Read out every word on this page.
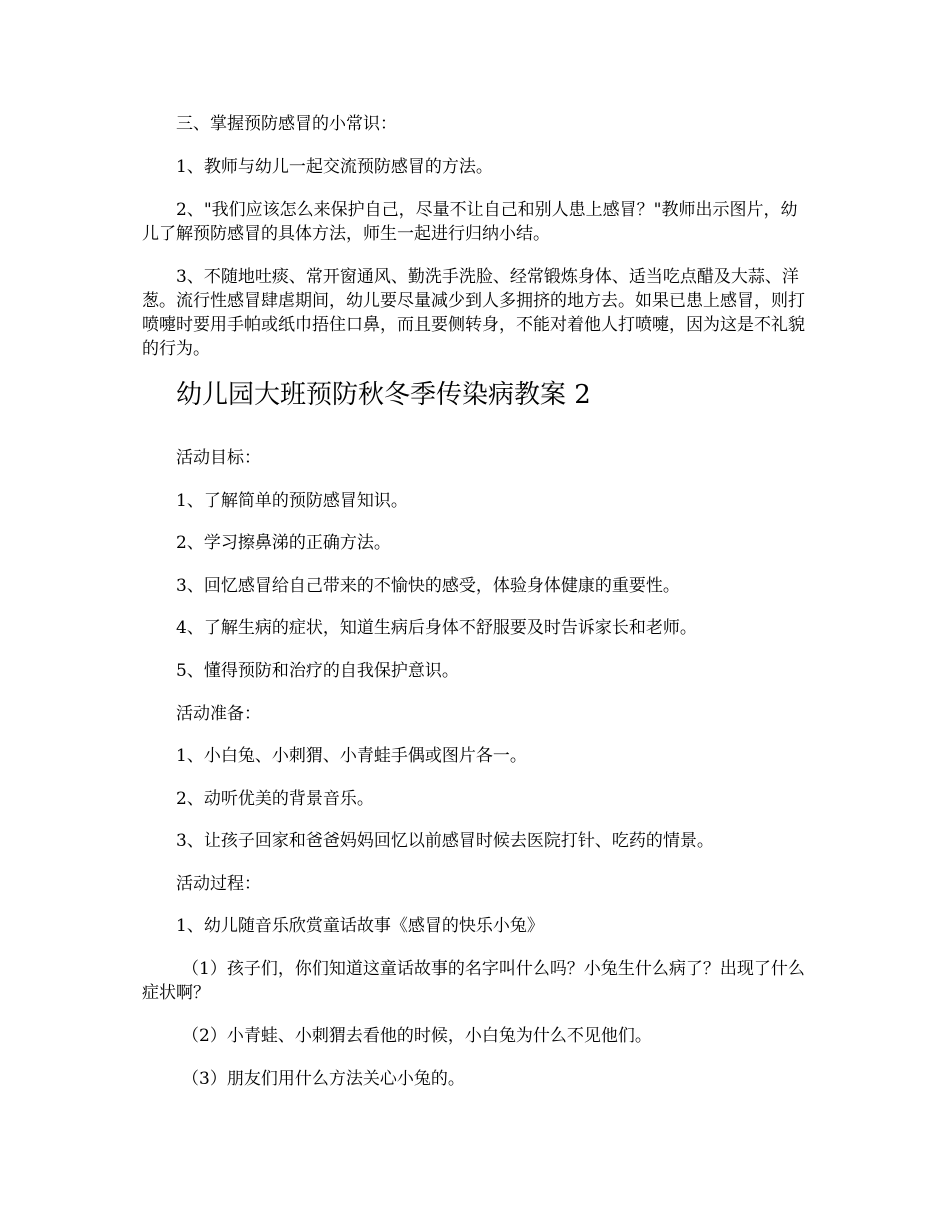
三、掌握预防感冒的小常识：
1、教师与幼儿一起交流预防感冒的方法。
2、"我们应该怎么来保护自己，尽量不让自己和别人患上感冒？"教师出示图片，幼儿了解预防感冒的具体方法，师生一起进行归纳小结。
3、不随地吐痰、常开窗通风、勤洗手洗脸、经常锻炼身体、适当吃点醋及大蒜、洋葱。流行性感冒肆虐期间，幼儿要尽量减少到人多拥挤的地方去。如果已患上感冒，则打喷嚏时要用手帕或纸巾捂住口鼻，而且要侧转身，不能对着他人打喷嚏，因为这是不礼貌的行为。
幼儿园大班预防秋冬季传染病教案 2
活动目标：
1、了解简单的预防感冒知识。
2、学习擦鼻涕的正确方法。
3、回忆感冒给自己带来的不愉快的感受，体验身体健康的重要性。
4、了解生病的症状，知道生病后身体不舒服要及时告诉家长和老师。
5、懂得预防和治疗的自我保护意识。
活动准备：
1、小白兔、小刺猬、小青蛙手偶或图片各一。
2、动听优美的背景音乐。
3、让孩子回家和爸爸妈妈回忆以前感冒时候去医院打针、吃药的情景。
活动过程：
1、幼儿随音乐欣赏童话故事《感冒的快乐小兔》
（1）孩子们，你们知道这童话故事的名字叫什么吗？小兔生什么病了？出现了什么症状啊？
（2）小青蛙、小刺猬去看他的时候，小白兔为什么不见他们。
（3）朋友们用什么方法关心小兔的。
